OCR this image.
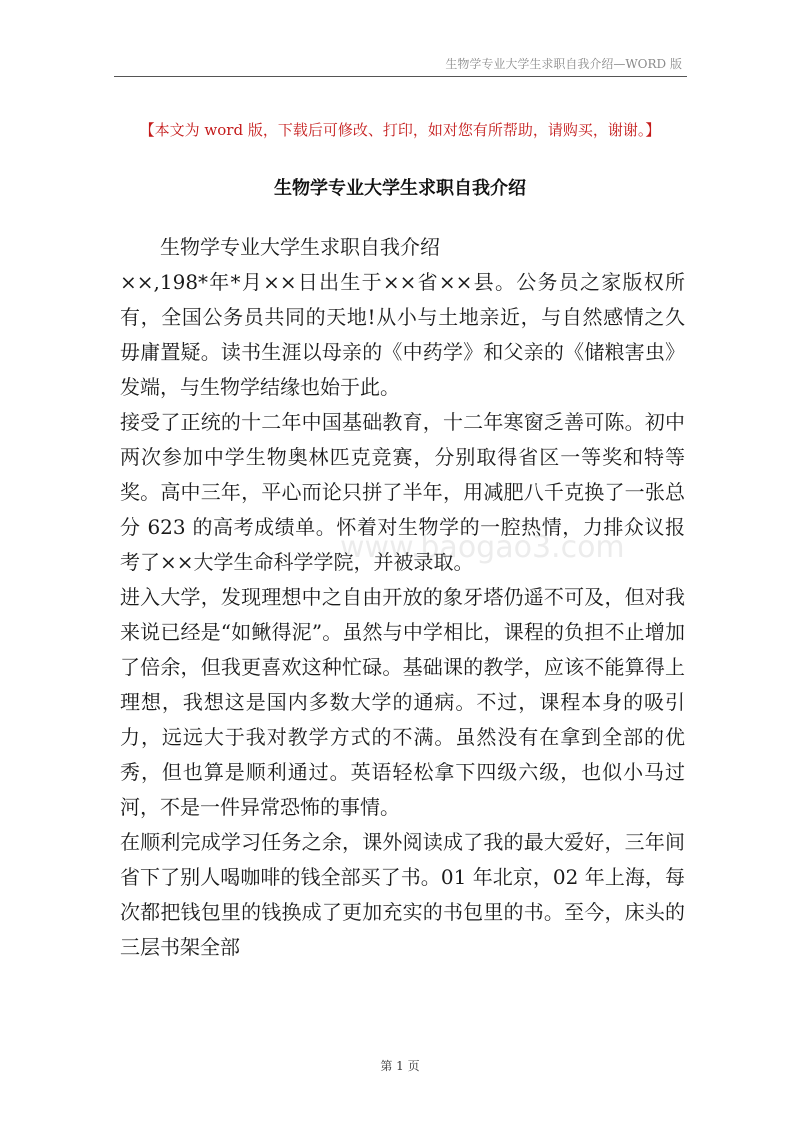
生物学专业大学生求职自我介绍—WORD 版
【本文为 word 版，下载后可修改、打印，如对您有所帮助，请购买，谢谢。】
生物学专业大学生求职自我介绍
www.baogao3.com

生物学专业大学生求职自我介绍

××,198*年*月××日出生于××省××县。公务员之家版权所有，全国公务员共同的天地!从小与土地亲近，与自然感情之久毋庸置疑。读书生涯以母亲的《中药学》和父亲的《储粮害虫》发端，与生物学结缘也始于此。

接受了正统的十二年中国基础教育，十二年寒窗乏善可陈。初中两次参加中学生物奥林匹克竞赛，分别取得省区一等奖和特等奖。高中三年，平心而论只拼了半年，用减肥八千克换了一张总分 623 的高考成绩单。怀着对生物学的一腔热情，力排众议报考了××大学生命科学学院，并被录取。

进入大学，发现理想中之自由开放的象牙塔仍遥不可及，但对我来说已经是“如鳅得泥”。虽然与中学相比，课程的负担不止增加了倍余，但我更喜欢这种忙碌。基础课的教学，应该不能算得上理想，我想这是国内多数大学的通病。不过，课程本身的吸引力，远远大于我对教学方式的不满。虽然没有在拿到全部的优秀，但也算是顺利通过。英语轻松拿下四级六级，也似小马过河，不是一件异常恐怖的事情。

在顺利完成学习任务之余，课外阅读成了我的最大爱好，三年间省下了别人喝咖啡的钱全部买了书。01 年北京，02 年上海，每次都把钱包里的钱换成了更加充实的书包里的书。至今，床头的三层书架全部

第 1 页
